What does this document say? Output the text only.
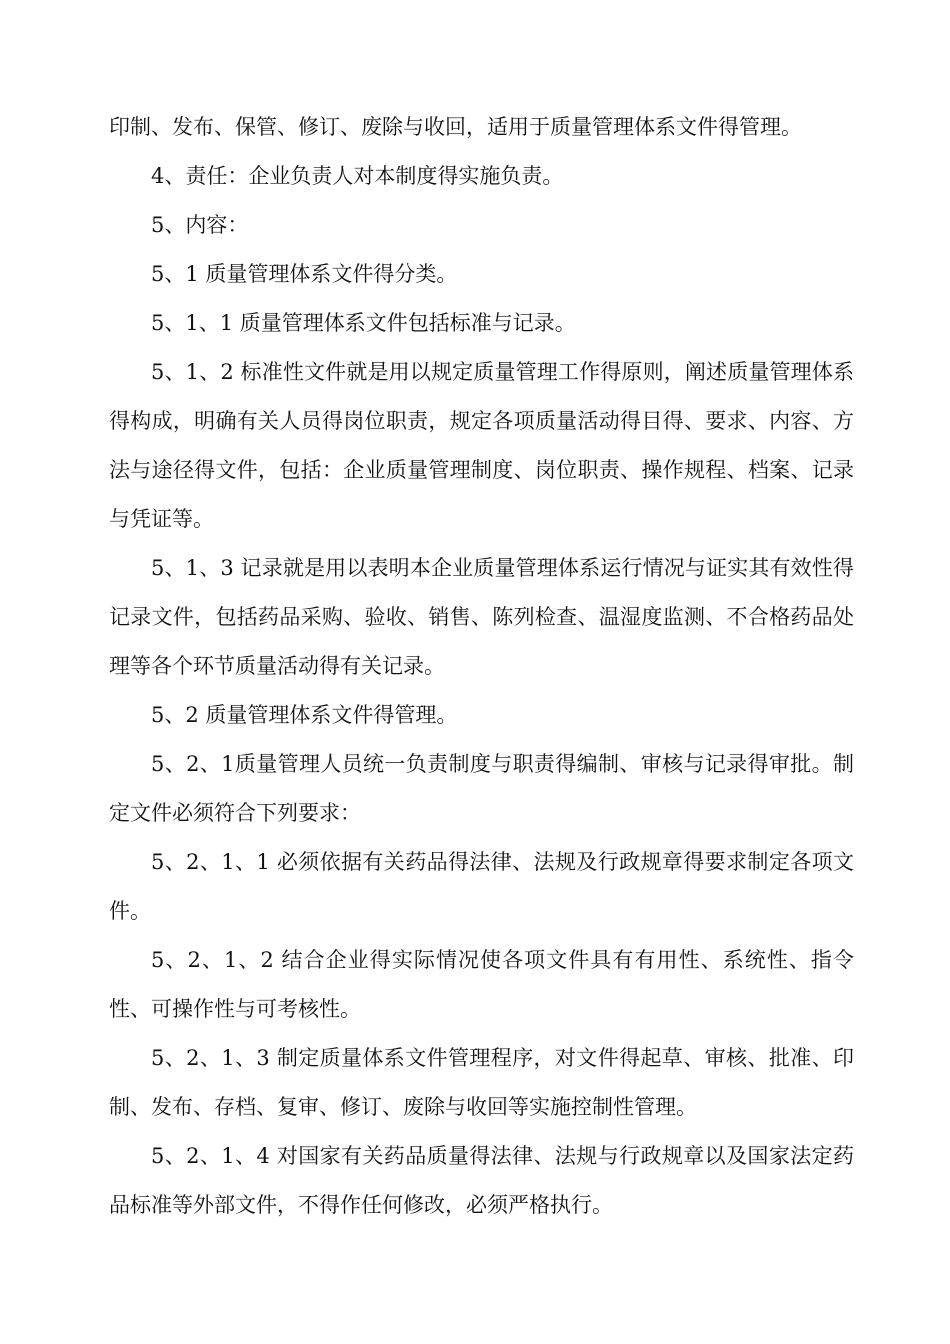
印制、发布、保管、修订、废除与收回，适用于质量管理体系文件得管理。

4、责任：企业负责人对本制度得实施负责。

5、内容：

5、1 质量管理体系文件得分类。

5、1、1 质量管理体系文件包括标准与记录。

5、1、2 标准性文件就是用以规定质量管理工作得原则，阐述质量管理体系得构成，明确有关人员得岗位职责，规定各项质量活动得目得、要求、内容、方法与途径得文件，包括：企业质量管理制度、岗位职责、操作规程、档案、记录与凭证等。

5、1、3 记录就是用以表明本企业质量管理体系运行情况与证实其有效性得记录文件，包括药品采购、验收、销售、陈列检查、温湿度监测、不合格药品处理等各个环节质量活动得有关记录。

5、2 质量管理体系文件得管理。

5、2、1质量管理人员统一负责制度与职责得编制、审核与记录得审批。制定文件必须符合下列要求：

5、2、1、1 必须依据有关药品得法律、法规及行政规章得要求制定各项文件。

5、2、1、2 结合企业得实际情况使各项文件具有有用性、系统性、指令性、可操作性与可考核性。

5、2、1、3 制定质量体系文件管理程序，对文件得起草、审核、批准、印制、发布、存档、复审、修订、废除与收回等实施控制性管理。

5、2、1、4 对国家有关药品质量得法律、法规与行政规章以及国家法定药品标准等外部文件，不得作任何修改，必须严格执行。
